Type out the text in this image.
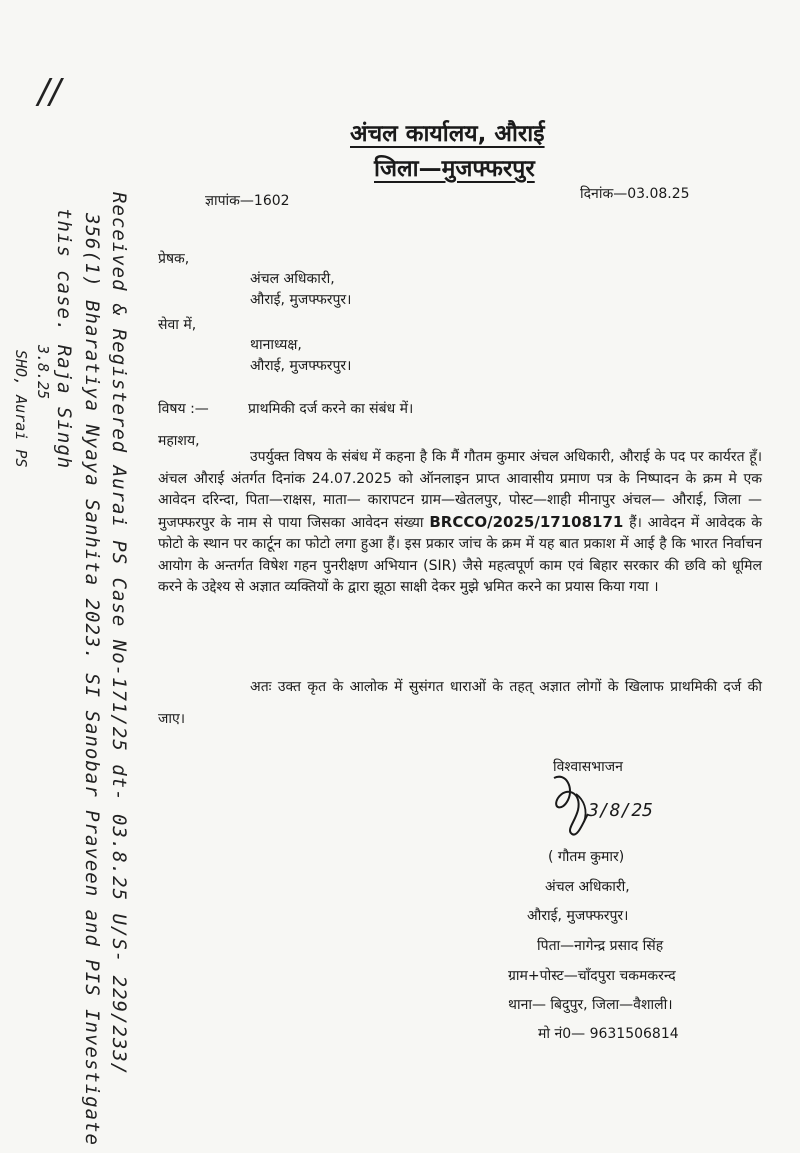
अंचल कार्यालय, औराई
जिला—मुजफ्फरपुर
ज्ञापांक—1602	दिनांक—03.08.25
प्रेषक,
अंचल अधिकारी,
औराई, मुजफ्फरपुर।
सेवा में,
थानाध्यक्ष,
औराई, मुजफ्फरपुर।
विषय :—	प्राथमिकी दर्ज करने का संबंध में।
महाशय,
उपर्युक्त विषय के संबंध में कहना है कि मैं गौतम कुमार अंचल अधिकारी, औराई के पद पर कार्यरत हूँ। अंचल औराई अंतर्गत दिनांक 24.07.2025 को ऑनलाइन प्राप्त आवासीय प्रमाण पत्र के निष्पादन के क्रम मे एक आवेदन दरिन्दा, पिता—राक्षस, माता— कारापटन ग्राम—खेतलपुर, पोस्ट—शाही मीनापुर अंचल— औराई, जिला —मुजफ्फरपुर के नाम से पाया जिसका आवेदन संख्या BRCCO/2025/17108171 हैं। आवेदन में आवेदक के फोटो के स्थान पर कार्टून का फोटो लगा हुआ हैं। इस प्रकार जांच के क्रम में यह बात प्रकाश में आई है कि भारत निर्वाचन आयोग के अन्तर्गत विषेश गहन पुनरीक्षण अभियान (SIR) जैसे महत्वपूर्ण काम एवं बिहार सरकार की छवि को धूमिल करने के उद्देश्य से अज्ञात व्यक्तियों के द्वारा झूठा साक्षी देकर मुझे भ्रमित करने का प्रयास किया गया ।
अतः उक्त कृत के आलोक में सुसंगत धाराओं के तहत् अज्ञात लोगों के खिलाफ प्राथमिकी दर्ज की जाए।
विश्वासभाजन
3/8/25
( गौतम कुमार)
अंचल अधिकारी,
औराई, मुजफ्फरपुर।
पिता—नागेन्द्र प्रसाद सिंह
ग्राम+पोस्ट—चाँदपुरा चकमकरन्द
थाना— बिदुपुर, जिला—वैशाली।
मो नं0— 9631506814
//
Received & Registered Aurai PS Case No-171/25 dt- 03.8.25 U/S- 229/233/
356(1) Bharatiya Nyaya Sanhita 2023. SI Sanobar Praveen and PIS Investigate
this case. Raja Singh
3.8.25
SHO, Aurai PS
